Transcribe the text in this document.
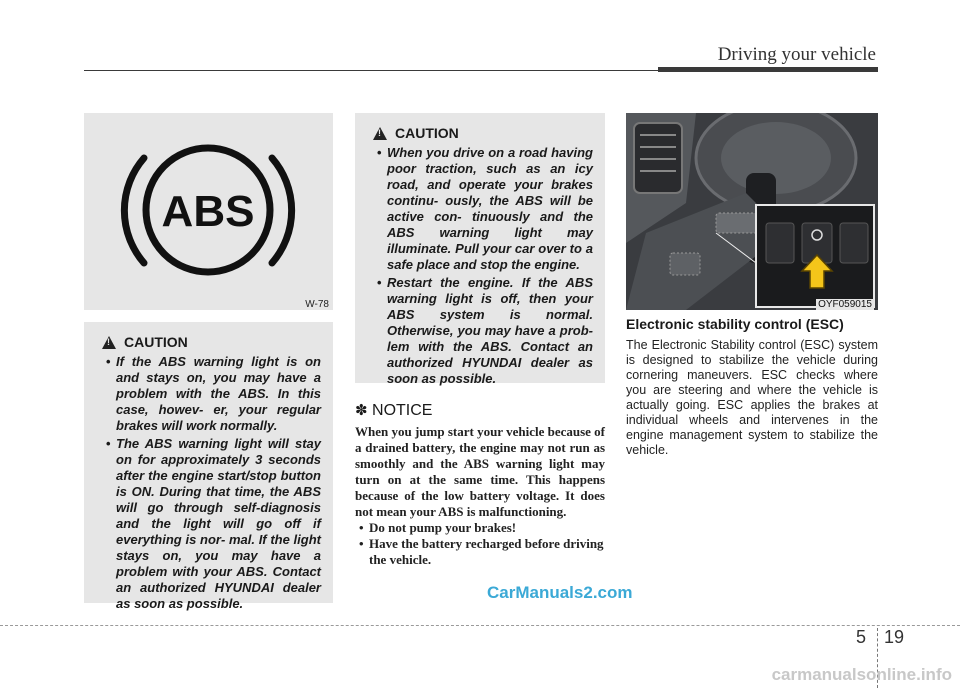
Driving your vehicle
ABS
W-78
!
CAUTION
• If the ABS warning light is on and stays on, you may have a problem with the ABS. In this case, howev- er, your regular brakes will work normally.
• The ABS warning light will stay on for approximately 3 seconds after the engine start/stop button is ON. During that time, the ABS will go through self-diagnosis and the light will go off if everything is nor- mal. If the light stays on, you may have a problem with your ABS. Contact an authorized HYUNDAI dealer as soon as possible.
!
CAUTION
• When you drive on a road having poor traction, such as an icy road, and operate your brakes continu- ously, the ABS will be active con- tinuously and the ABS warning light may illuminate. Pull your car over to a safe place and stop the engine.
• Restart the engine. If the ABS warning light is off, then your ABS system is normal. Otherwise, you may have a prob- lem with the ABS. Contact an authorized HYUNDAI dealer as soon as possible.
✽ NOTICE
When you jump start your vehicle because of a drained battery, the engine may not run as smoothly and the ABS warning light may turn on at the same time. This happens because of the low battery voltage. It does not mean your ABS is malfunctioning.
• Do not pump your brakes!
• Have the battery recharged before driving the vehicle.
OYF059015
Electronic stability control (ESC)
The Electronic Stability control (ESC) system is designed to stabilize the vehicle during cornering maneuvers. ESC checks where you are steering and where the vehicle is actually going. ESC applies the brakes at individual wheels and intervenes in the engine management system to stabilize the vehicle.
CarManuals2.com
5 19
carmanualsonline.info
